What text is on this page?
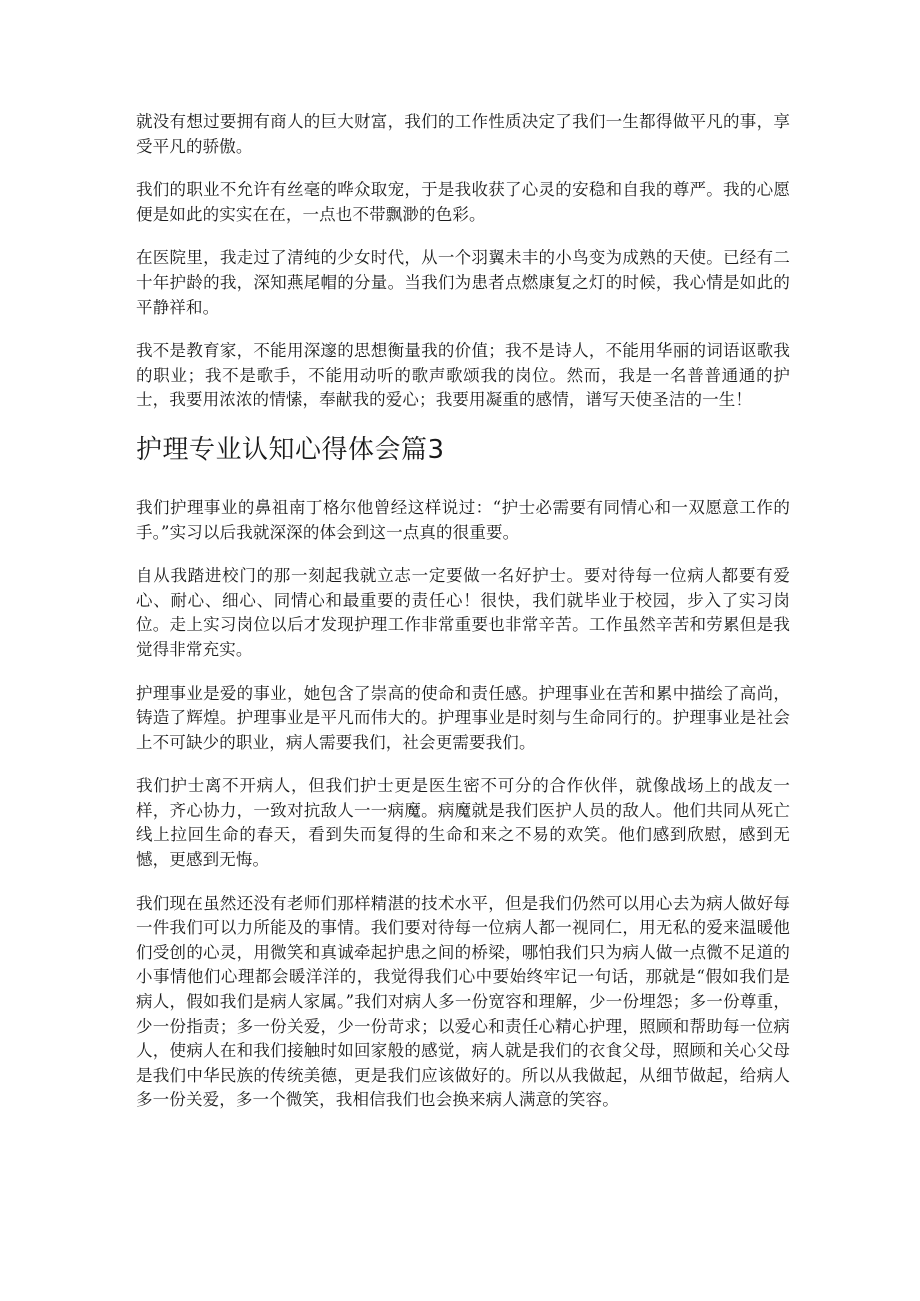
就没有想过要拥有商人的巨大财富，我们的工作性质决定了我们一生都得做平凡的事，享受平凡的骄傲。

我们的职业不允许有丝毫的哗众取宠，于是我收获了心灵的安稳和自我的尊严。我的心愿便是如此的实实在在，一点也不带飘渺的色彩。

在医院里，我走过了清纯的少女时代，从一个羽翼未丰的小鸟变为成熟的天使。已经有二十年护龄的我，深知燕尾帽的分量。当我们为患者点燃康复之灯的时候，我心情是如此的平静祥和。

我不是教育家，不能用深邃的思想衡量我的价值；我不是诗人，不能用华丽的词语讴歌我的职业；我不是歌手，不能用动听的歌声歌颂我的岗位。然而，我是一名普普通通的护士，我要用浓浓的情愫，奉献我的爱心；我要用凝重的感情，谱写天使圣洁的一生！

护理专业认知心得体会篇3

我们护理事业的鼻祖南丁格尔他曾经这样说过：“护士必需要有同情心和一双愿意工作的手。”实习以后我就深深的体会到这一点真的很重要。

自从我踏进校门的那一刻起我就立志一定要做一名好护士。要对待每一位病人都要有爱心、耐心、细心、同情心和最重要的责任心！很快，我们就毕业于校园，步入了实习岗位。走上实习岗位以后才发现护理工作非常重要也非常辛苦。工作虽然辛苦和劳累但是我觉得非常充实。

护理事业是爱的事业，她包含了崇高的使命和责任感。护理事业在苦和累中描绘了高尚，铸造了辉煌。护理事业是平凡而伟大的。护理事业是时刻与生命同行的。护理事业是社会上不可缺少的职业，病人需要我们，社会更需要我们。

我们护士离不开病人，但我们护士更是医生密不可分的合作伙伴，就像战场上的战友一样，齐心协力，一致对抗敌人一一病魔。病魔就是我们医护人员的敌人。他们共同从死亡线上拉回生命的春天，看到失而复得的生命和来之不易的欢笑。他们感到欣慰，感到无憾，更感到无悔。

我们现在虽然还没有老师们那样精湛的技术水平，但是我们仍然可以用心去为病人做好每一件我们可以力所能及的事情。我们要对待每一位病人都一视同仁，用无私的爱来温暖他们受创的心灵，用微笑和真诚牵起护患之间的桥梁，哪怕我们只为病人做一点微不足道的小事情他们心理都会暖洋洋的，我觉得我们心中要始终牢记一句话，那就是“假如我们是病人，假如我们是病人家属。”我们对病人多一份宽容和理解，少一份埋怨；多一份尊重，少一份指责；多一份关爱，少一份苛求；以爱心和责任心精心护理，照顾和帮助每一位病人，使病人在和我们接触时如回家般的感觉，病人就是我们的衣食父母，照顾和关心父母是我们中华民族的传统美德，更是我们应该做好的。所以从我做起，从细节做起，给病人多一份关爱，多一个微笑，我相信我们也会换来病人满意的笑容。
